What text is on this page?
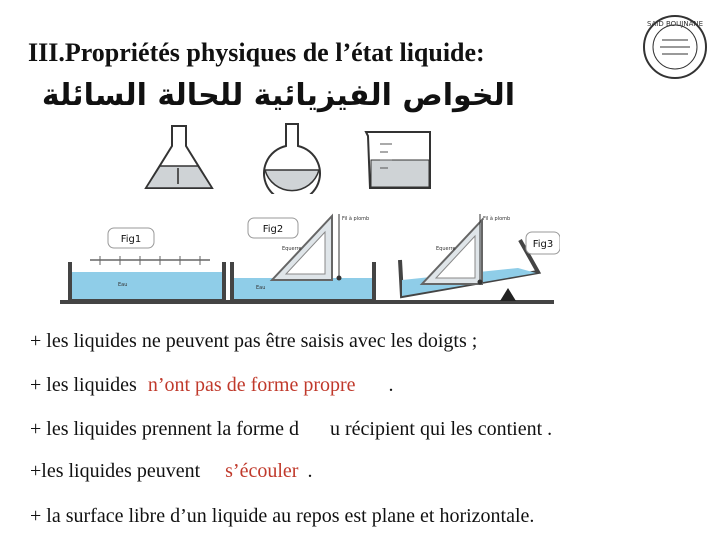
III.Propriétés physiques de l’état liquide:
الخواص الفيزيائية للحالة السائلة
SAID BOUJNANE
Eau
Fil à plomb
Equerre
Eau
Fil à plomb
Equerre
Fig1
Fig2
Fig3
+ les liquides ne peuvent pas être saisis avec les doigts ;
+ les liquides n’ont pas de forme propre .
+ les liquides prennent la forme d u récipient qui les contient .
+les liquides peuvent s’écouler .
+ la surface libre d’un liquide au repos est plane et horizontale.
